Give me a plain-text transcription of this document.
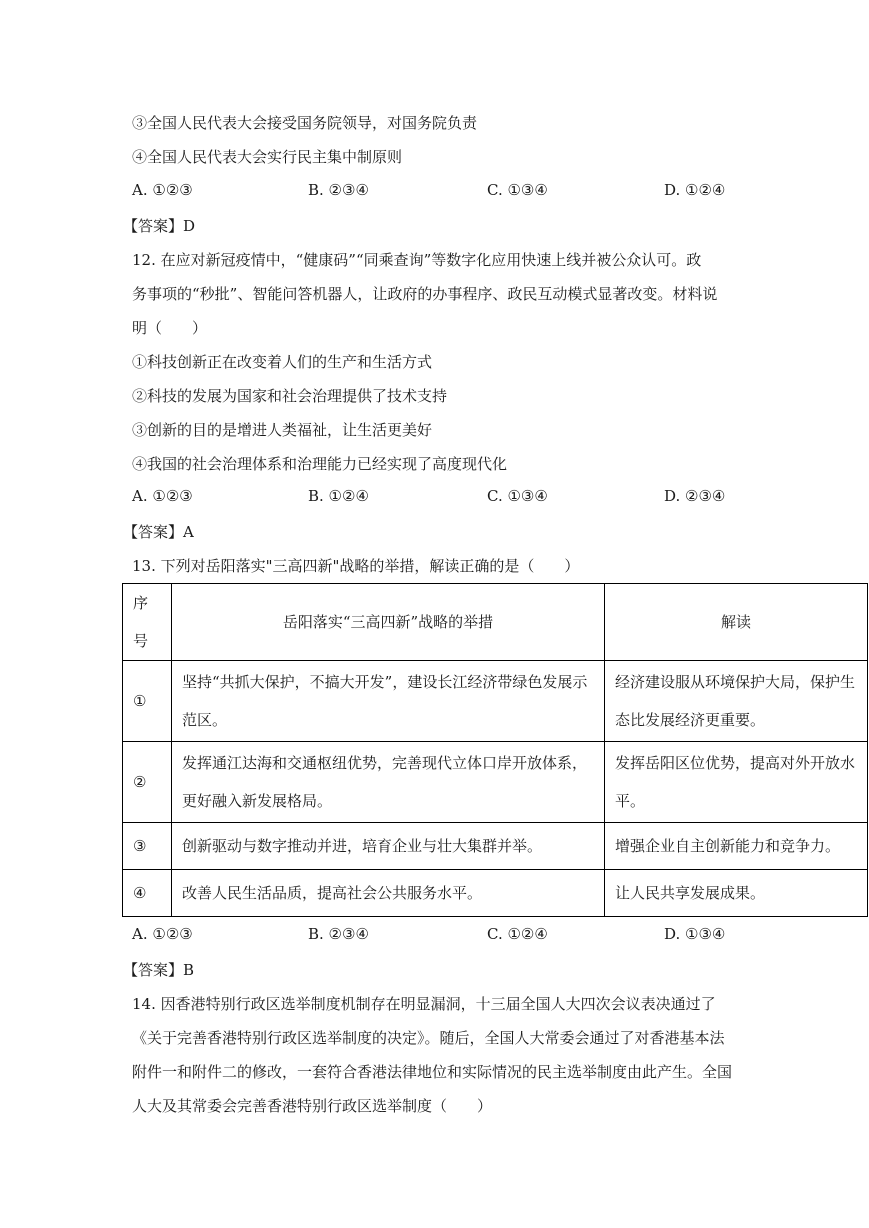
③全国人民代表大会接受国务院领导，对国务院负责
④全国人民代表大会实行民主集中制原则
A. ①②③	B. ②③④	C. ①③④	D. ①②④
【答案】D
12. 在应对新冠疫情中，“健康码”“同乘查询”等数字化应用快速上线并被公众认可。政
务事项的“秒批”、智能问答机器人，让政府的办事程序、政民互动模式显著改变。材料说
明（　　）
①科技创新正在改变着人们的生产和生活方式
②科技的发展为国家和社会治理提供了技术支持
③创新的目的是增进人类福祉，让生活更美好
④我国的社会治理体系和治理能力已经实现了高度现代化
A. ①②③	B. ①②④	C. ①③④	D. ②③④
【答案】A
13. 下列对岳阳落实"三高四新"战略的举措，解读正确的是（　　）
序号	岳阳落实“三高四新”战略的举措	解读
①	坚持“共抓大保护，不搞大开发”，建设长江经济带绿色发展示范区。	经济建设服从环境保护大局，保护生态比发展经济更重要。
②	发挥通江达海和交通枢纽优势，完善现代立体口岸开放体系，更好融入新发展格局。	发挥岳阳区位优势，提高对外开放水平。
③	创新驱动与数字推动并进，培育企业与壮大集群并举。	增强企业自主创新能力和竞争力。
④	改善人民生活品质，提高社会公共服务水平。	让人民共享发展成果。
A. ①②③	B. ②③④	C. ①②④	D. ①③④
【答案】B
14. 因香港特别行政区选举制度机制存在明显漏洞，十三届全国人大四次会议表决通过了
《关于完善香港特别行政区选举制度的决定》。随后，全国人大常委会通过了对香港基本法
附件一和附件二的修改，一套符合香港法律地位和实际情况的民主选举制度由此产生。全国
人大及其常委会完善香港特别行政区选举制度（　　）
